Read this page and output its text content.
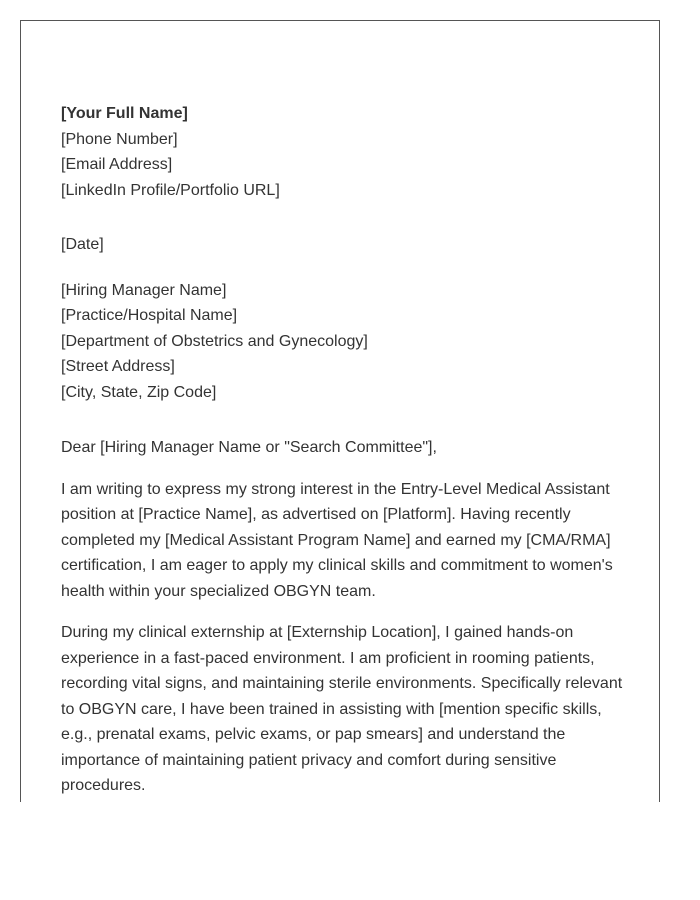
[Your Full Name]
[Phone Number]
[Email Address]
[LinkedIn Profile/Portfolio URL]
[Date]
[Hiring Manager Name]
[Practice/Hospital Name]
[Department of Obstetrics and Gynecology]
[Street Address]
[City, State, Zip Code]
Dear [Hiring Manager Name or "Search Committee"],

I am writing to express my strong interest in the Entry-Level Medical Assistant position at [Practice Name], as advertised on [Platform]. Having recently completed my [Medical Assistant Program Name] and earned my [CMA/RMA] certification, I am eager to apply my clinical skills and commitment to women's health within your specialized OBGYN team.

During my clinical externship at [Externship Location], I gained hands-on experience in a fast-paced environment. I am proficient in rooming patients, recording vital signs, and maintaining sterile environments. Specifically relevant to OBGYN care, I have been trained in assisting with [mention specific skills, e.g., prenatal exams, pelvic exams, or pap smears] and understand the importance of maintaining patient privacy and comfort during sensitive procedures.
